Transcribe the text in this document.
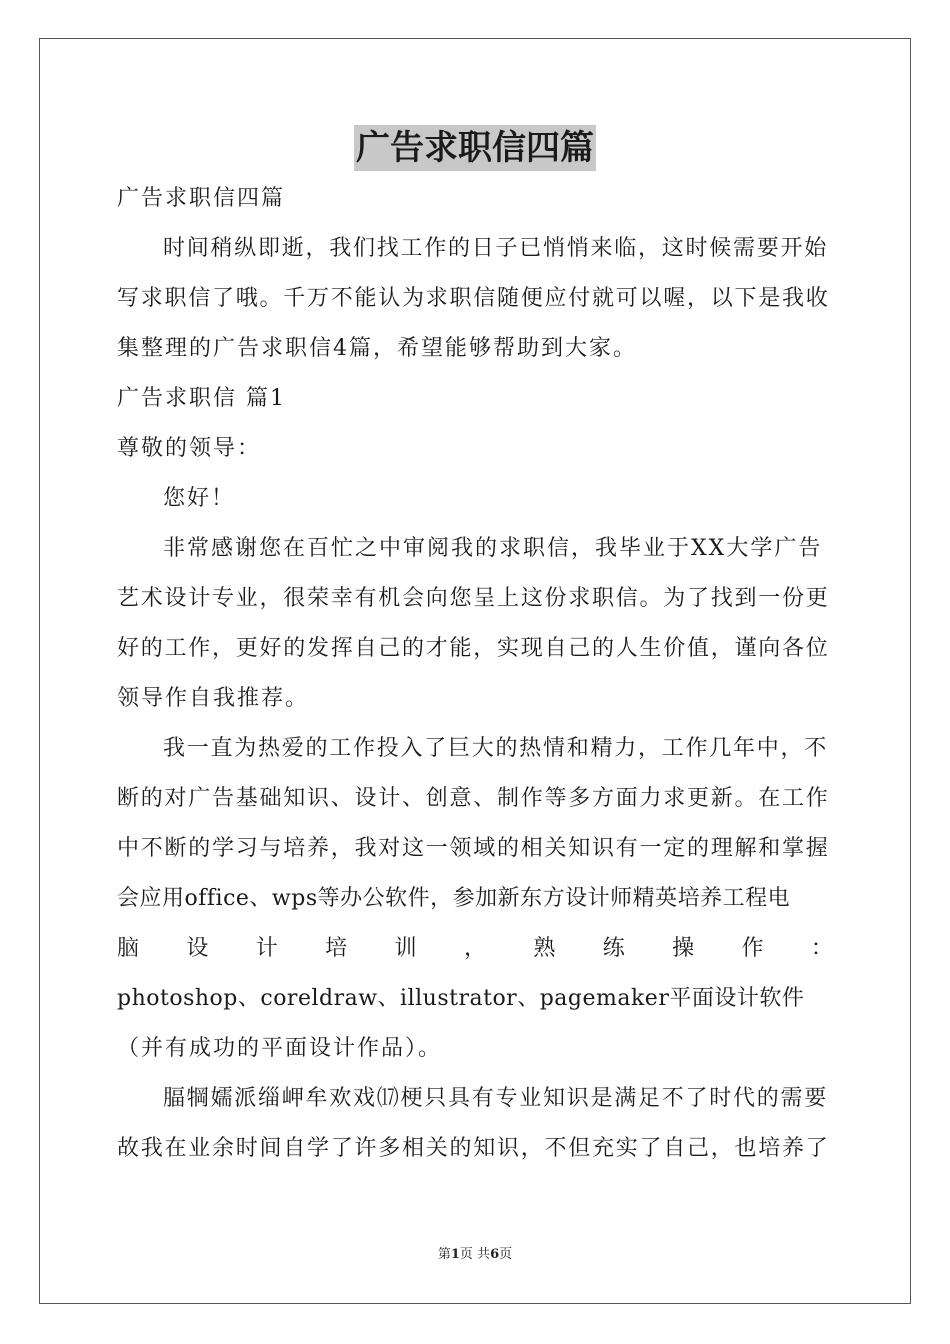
广告求职信四篇
广告求职信四篇
时间稍纵即逝，我们找工作的日子已悄悄来临，这时候需要开始
写求职信了哦。千万不能认为求职信随便应付就可以喔，以下是我收
集整理的广告求职信4篇，希望能够帮助到大家。
广告求职信 篇1
尊敬的领导：
您好！
非常感谢您在百忙之中审阅我的求职信，我毕业于XX大学广告
艺术设计专业，很荣幸有机会向您呈上这份求职信。为了找到一份更
好的工作，更好的发挥自己的才能，实现自己的人生价值，谨向各位
领导作自我推荐。
我一直为热爱的工作投入了巨大的热情和精力，工作几年中，不
断的对广告基础知识、设计、创意、制作等多方面力求更新。在工作
中不断的学习与培养，我对这一领域的相关知识有一定的理解和掌握
会应用office、wps等办公软件，参加新东方设计师精英培养工程电
脑 设 计 培 训 ， 熟 练 操 作 ：
photoshop、coreldraw、illustrator、pagemaker平面设计软件
（并有成功的平面设计作品）。
腷犅嬬派缁岬牟欢戏⒄梗只具有专业知识是满足不了时代的需要
故我在业余时间自学了许多相关的知识，不但充实了自己，也培养了
第1页 共6页
